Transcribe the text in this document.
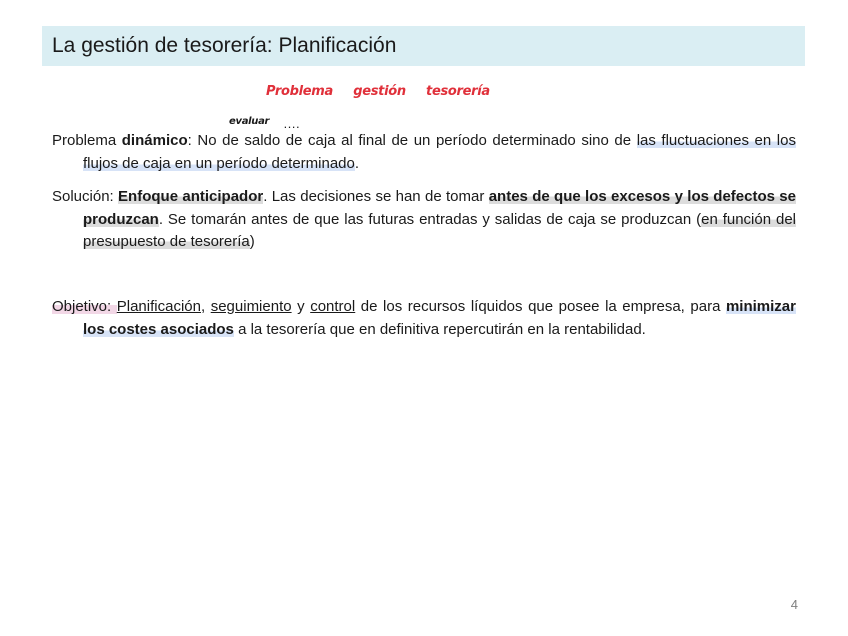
La gestión de tesorería: Planificación
Problema gestión tesorería
evaluar ….
Problema dinámico: No de saldo de caja al final de un período determinado sino de las fluctuaciones en los flujos de caja en un período determinado.
Solución: Enfoque anticipador. Las decisiones se han de tomar antes de que los excesos y los defectos se produzcan. Se tomarán antes de que las futuras entradas y salidas de caja se produzcan (en función del presupuesto de tesorería)
Objetivo: Planificación, seguimiento y control de los recursos líquidos que posee la empresa, para minimizar los costes asociados a la tesorería que en definitiva repercutirán en la rentabilidad.
4
